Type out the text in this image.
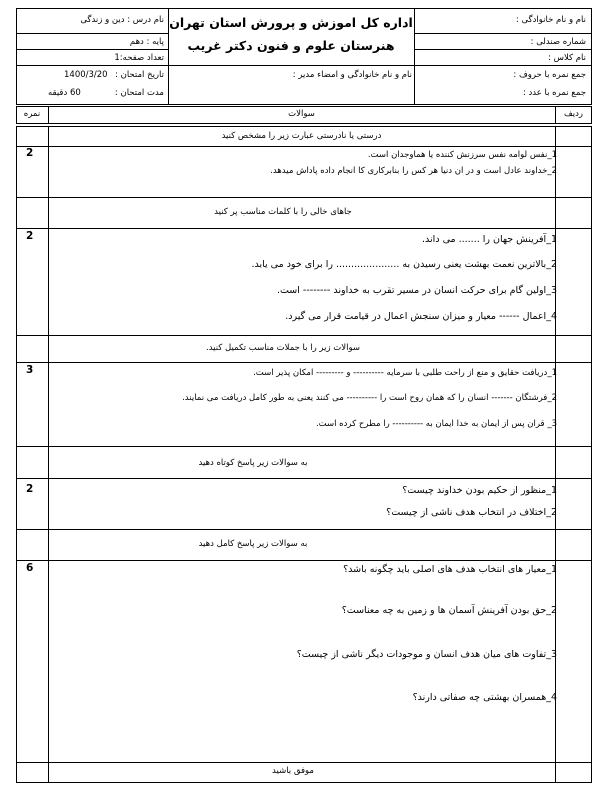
نام و نام خانوادگی :
شماره صندلی :
نام کلاس :
جمع نمره با حروف :
جمع نمره با عدد :
اداره کل اموزش و پرورش استان تهران
هنرستان علوم و فنون دکتر غریب
نام و نام خانوادگی و امضاء مدیر :
نام درس : دین و زندگی
پایه : دهم
تعداد صفحه:1
تاریخ امتحان :
1400/3/20
مدت امتحان :
60 دقیقه
ردیف
سوالات
نمره
درستی یا نادرستی عبارت زیر را مشخص کنید
2	1_نفس لوامه نفس سرزنش کننده یا هماوجدان است.
2_خداوند عادل است و در ان دنیا هر کس را بنابرکاری کا انجام داده پاداش میدهد.
جاهای خالی را با کلمات مناسب پر کنید
2	1_آفرینش جهان را ....... می داند.
2_بالاترین نعمت بهشت یعنی رسیدن به ..................... را برای خود می یابد.
3_اولین گام برای حرکت انسان در مسیر تقرب به خداوند -------- است.
4_اعمال ------ معیار و میزان سنجش اعمال در قیامت قرار می گیرد.
سوالات زیر را با جملات مناسب تکمیل کنید.
3	1_دریافت حقایق و منع از راحت طلبی با سرمایه ---------- و --------- امکان پذیر است.
2_فرشتگان ------- انسان را که همان روح است را ---------- می کنند یعنی به طور کامل دریافت می نمایند.
3_ قران پس از ایمان به خدا ایمان به ---------- را مطرح کرده است.
به سوالات زیر پاسخ کوتاه دهید
2	1_منظور از حکیم بودن خداوند چیست؟
2_اختلاف در انتخاب هدف ناشی از چیست؟
به سوالات زیر پاسخ کامل دهید
6	1_معیار های انتخاب هدف های اصلی باید چگونه باشد؟
2_حق بودن آفرینش آسمان ها و زمین به چه معناست؟
3_تفاوت های میان هدف انسان و موجودات دیگر ناشی از چیست؟
4_همسران بهشتی چه صفاتی دارند؟
موفق باشید
